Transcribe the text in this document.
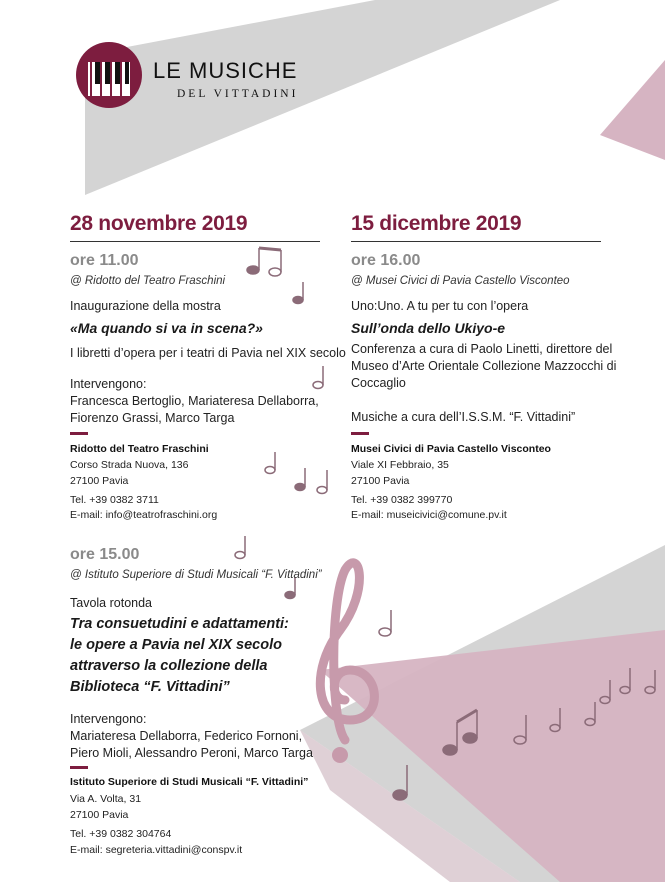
LE MUSICHE
DEL VITTADINI
28 novembre 2019
ore 11.00
@ Ridotto del Teatro Fraschini
Inaugurazione della mostra
«Ma quando si va in scena?»
I libretti d’opera per i teatri di Pavia nel XIX secolo
Intervengono:
Francesca Bertoglio, Mariateresa Dellaborra,
Fiorenzo Grassi, Marco Targa
Ridotto del Teatro Fraschini
Corso Strada Nuova, 136
27100 Pavia
Tel. +39 0382 3711
E-mail: info@teatrofraschini.org
ore 15.00
@ Istituto Superiore di Studi Musicali “F. Vittadini”
Tavola rotonda
Tra consuetudini e adattamenti:
le opere a Pavia nel XIX secolo
attraverso la collezione della
Biblioteca “F. Vittadini”
Intervengono:
Mariateresa Dellaborra, Federico Fornoni,
Piero Mioli, Alessandro Peroni, Marco Targa
Istituto Superiore di Studi Musicali “F. Vittadini”
Via A. Volta, 31
27100 Pavia
Tel. +39 0382 304764
E-mail: segreteria.vittadini@conspv.it
15 dicembre 2019
ore 16.00
@ Musei Civici di Pavia Castello Visconteo
Uno:Uno. A tu per tu con l’opera
Sull’onda dello Ukiyo-e
Conferenza a cura di Paolo Linetti, direttore del
Museo d’Arte Orientale Collezione Mazzocchi di
Coccaglio
Musiche a cura dell’I.S.S.M. “F. Vittadini”
Musei Civici di Pavia Castello Visconteo
Viale XI Febbraio, 35
27100 Pavia
Tel. +39 0382 399770
E-mail: museicivici@comune.pv.it
